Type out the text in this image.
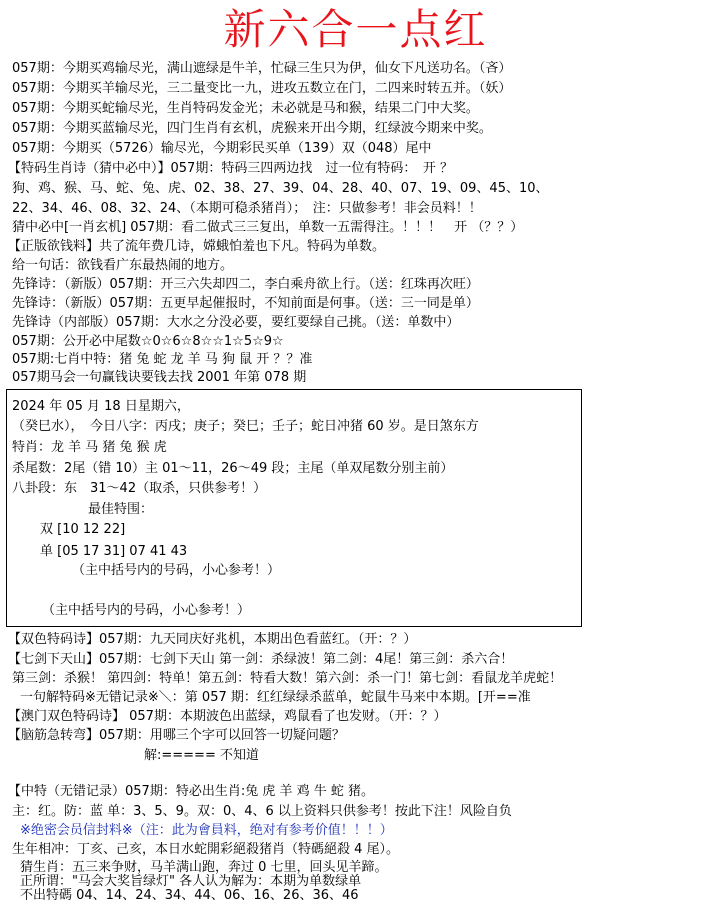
新六合一点红
057期：今期买鸡输尽光，满山遮绿是牛羊，忙碌三生只为伊，仙女下凡送功名。（吝）
057期：今期买羊输尽光，三二量变比一九，进攻五数立在门，二四来时转五并。（妖）
057期：今期买蛇输尽光，生肖特码发金光；未必就是马和猴，结果二门中大奖。
057期：今期买蓝输尽光，四门生肖有玄机，虎猴来开出今期，红绿波今期来中奖。
057期：今期买（5726）输尽光，今期彩民买单（139）双（048）尾中
【特码生肖诗（猜中必中）】057期：特码三四两边找　过一位有特码：　开 ？
狗、鸡、猴、马、蛇、兔、虎、02、38、27、39、04、28、40、07、19、09、45、10、
22、34、46、08、32、24、（本期可稳杀猪肖）；　注：只做参考！非会员料！！
猜中必中[一肖玄机] 057期：看二做式三三复出，单数一五需得注。！！！　开 （？？）
【正版欲钱料】共了流年费几诗，嫦蛾怕羞也下凡。特码为单数。
给一句话：欲钱看广东最热闹的地方。
先锋诗：（新版）057期：开三六失却四二，李白乘舟欲上行。（送：红珠再次旺）
先锋诗：（新版）057期：五更早起催报时，不知前面是何事。（送：三一同是单）
先锋诗（内部版）057期：大水之分没必要，要红要绿自己挑。（送：单数中）
057期：公开必中尾数☆0☆6☆8☆☆1☆5☆9☆
057期:七肖中特：猪 兔 蛇 龙 羊 马 狗 鼠 开 ？？准
057期马会一句赢钱诀要钱去找 2001 年第 078 期
2024 年 05 月 18 日星期六，
（癸巳水），　今日八字：丙戌；庚子；癸巳；壬子；蛇日冲猪 60 岁。是日煞东方
特肖：龙 羊 马 猪 兔 猴 虎
杀尾数：2尾（错 10）主 01～11，26～49 段；主尾（单双尾数分别主前）
八卦段：东　31～42（取杀，只供参考！）
最佳特围：
双 [10 12 22]
单 [05 17 31] 07 41 43
（主中括号内的号码，小心参考！）
（主中括号内的号码，小心参考！）
【双色特码诗】057期：九天同庆好兆机，本期出色看蓝红。（开：？）
【七剑下天山】057期：七剑下天山 第一剑：杀绿波！第二剑：4尾！第三剑：杀六合！
第三剑：杀猴！ 第四剑：特单！第五剑：特看大数！第六剑：杀一门！第七剑：看鼠龙羊虎蛇！
一句解特码※无错记录※＼：第 057 期：红红绿绿杀蓝单，蛇鼠牛马来中本期。[开==准
【澳门双色特码诗】 057期：本期波色出蓝绿，鸡鼠看了也发财。（开：？）
【脑筋急转弯】057期：用哪三个字可以回答一切疑问题？
解:===== 不知道
【中特（无错记录）057期：特必出生肖:兔 虎 羊 鸡 牛 蛇 猪。
主：红。防：蓝 单：3、5、9。双：0、4、6 以上资料只供参考！按此下注！风险自负
※绝密会员信封料※（注：此为會員料，绝对有参考价值！！！）
生年相冲：丁亥、己亥，本日水蛇開彩絕殺猪肖（特碼絕殺 4 尾）。
猜生肖：五三来争财，马羊满山跑，奔过 0 七里，回头见羊蹄。
正所谓："马会大奖旨绿灯" 各人认为解为：本期为单数绿单
不出特碼 04、14、24、34、44、06、16、26、36、46
